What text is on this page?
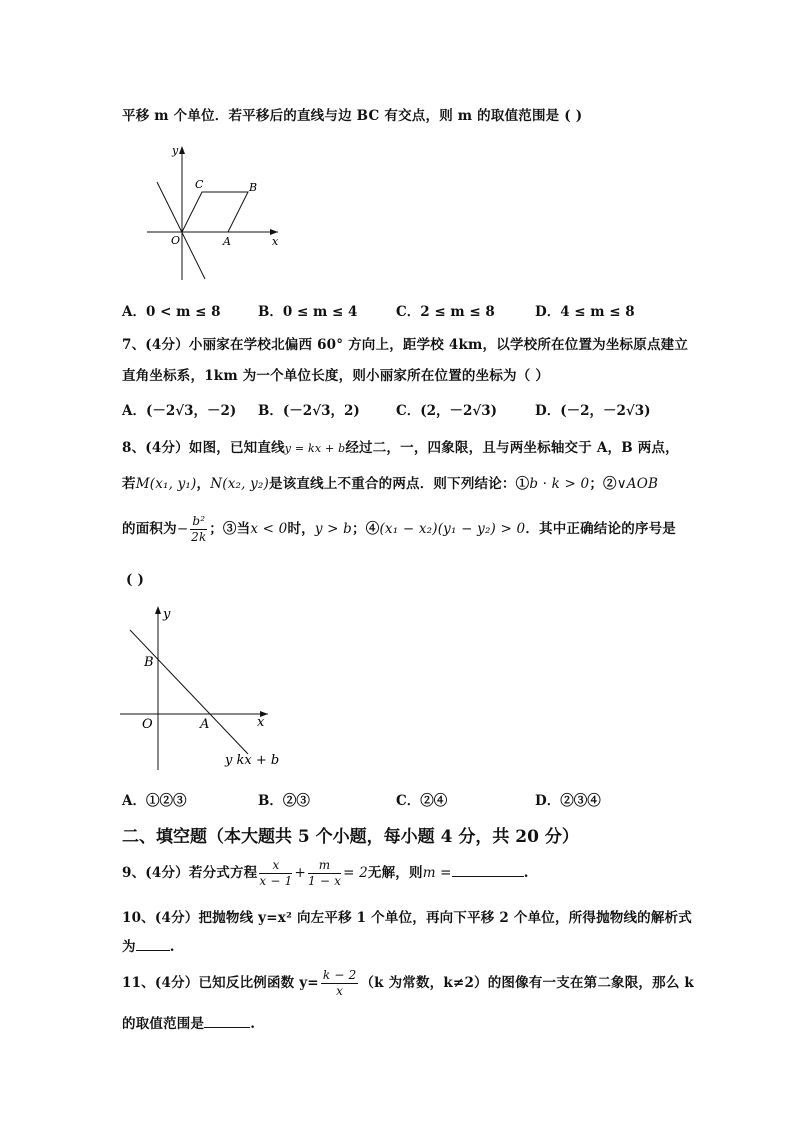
平移 m 个单位．若平移后的直线与边 BC 有交点，则 m 的取值范围是 ( )
y
x
O	A
B
C
A．0 < m ≤ 8	B．0 ≤ m ≤ 4	C．2 ≤ m ≤ 8	D．4 ≤ m ≤ 8
7、(4分）小丽家在学校北偏西 60° 方向上，距学校 4km，以学校所在位置为坐标原点建立
直角坐标系，1km 为一个单位长度，则小丽家所在位置的坐标为（ ）
A．(－2√3，－2) B．(－2√3，2)	C．(2，－2√3)	D．(－2，－2√3)
8、(4分）如图，已知直线y = kx + b经过二，一，四象限，且与两坐标轴交于 A，B 两点，
若M(x₁, y₁)，N(x₂, y₂)是该直线上不重合的两点．则下列结论：①b · k > 0；②∨AOB
的面积为− $\frac{\text{b²}}{2k}$ ；③当x < 0时，y > b；④(x₁ − x₂)(y₁ − y₂) > 0．其中正确结论的序号是
( )
y
x
O	A
B
y kx + b
A．①②③	B．②③	C．②④	D．②③④
二、填空题（本大题共 5 个小题，每小题 4 分，共 20 分）
9、(4分）若分式方程 $\frac{x}{x - 1} + \frac{m}{1 - x} = 2$无解，则m =	.
10、(4分）把抛物线 y=x² 向左平移 1 个单位，再向下平移 2 个单位，所得抛物线的解析式
为	.
11、(4分）已知反比例函数 $y= \frac{k - 2}{x} (k$ 为常数，k≠2）的图像有一支在第二象限，那么 k
的取值范围是	.
